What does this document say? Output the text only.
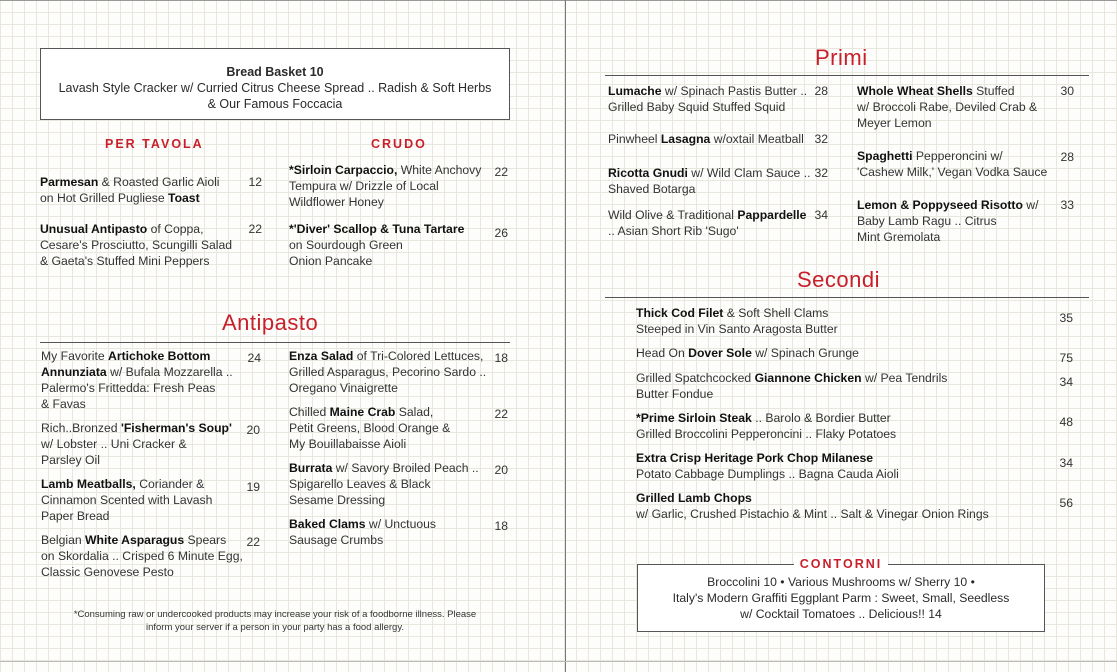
Bread Basket 10
Lavash Style Cracker w/ Curried Citrus Cheese Spread .. Radish & Soft Herbs
& Our Famous Foccacia
PER TAVOLA	CRUDO
Parmesan & Roasted Garlic Aioli
on Hot Grilled Pugliese Toast
12
Unusual Antipasto of Coppa,
Cesare's Prosciutto, Scungilli Salad
& Gaeta's Stuffed Mini Peppers
22
*Sirloin Carpaccio, White Anchovy
Tempura w/ Drizzle of Local
Wildflower Honey
22
*'Diver' Scallop & Tuna Tartare
on Sourdough Green
Onion Pancake
26
Antipasto
My Favorite Artichoke Bottom
Annunziata w/ Bufala Mozzarella ..
Palermo's Frittedda: Fresh Peas
& Favas
24
Rich..Bronzed 'Fisherman's Soup'
w/ Lobster .. Uni Cracker &
Parsley Oil
20
Lamb Meatballs, Coriander &
Cinnamon Scented with Lavash
Paper Bread
19
Belgian White Asparagus Spears
on Skordalia .. Crisped 6 Minute Egg,
Classic Genovese Pesto
22
Enza Salad of Tri-Colored Lettuces,
Grilled Asparagus, Pecorino Sardo ..
Oregano Vinaigrette
18
Chilled Maine Crab Salad,
Petit Greens, Blood Orange &
My Bouillabaisse Aioli
22
Burrata w/ Savory Broiled Peach ..
Spigarello Leaves & Black
Sesame Dressing
20
Baked Clams w/ Unctuous
Sausage Crumbs
18
*Consuming raw or undercooked products may increase your risk of a foodborne illness. Please
inform your server if a person in your party has a food allergy.
Primi
Lumache w/ Spinach Pastis Butter ..
Grilled Baby Squid Stuffed Squid
28
Pinwheel Lasagna w/oxtail Meatball 32
Ricotta Gnudi w/ Wild Clam Sauce ..
Shaved Botarga
32
Wild Olive & Traditional Pappardelle
.. Asian Short Rib 'Sugo'
34
Whole Wheat Shells Stuffed
w/ Broccoli Rabe, Deviled Crab &
Meyer Lemon
30
Spaghetti Pepperoncini w/
'Cashew Milk,' Vegan Vodka Sauce
28
Lemon & Poppyseed Risotto w/
Baby Lamb Ragu .. Citrus
Mint Gremolata
33
Secondi
Thick Cod Filet & Soft Shell Clams
Steeped in Vin Santo Aragosta Butter
35
Head On Dover Sole w/ Spinach Grunge	75
Grilled Spatchcocked Giannone Chicken w/ Pea Tendrils
Butter Fondue
34
*Prime Sirloin Steak .. Barolo & Bordier Butter
Grilled Broccolini Pepperoncini .. Flaky Potatoes
48
Extra Crisp Heritage Pork Chop Milanese
Potato Cabbage Dumplings .. Bagna Cauda Aioli
34
Grilled Lamb Chops
w/ Garlic, Crushed Pistachio & Mint .. Salt & Vinegar Onion Rings
56
CONTORNI
Broccolini 10 • Various Mushrooms w/ Sherry 10 •
Italy's Modern Graffiti Eggplant Parm : Sweet, Small, Seedless
w/ Cocktail Tomatoes .. Delicious!! 14
